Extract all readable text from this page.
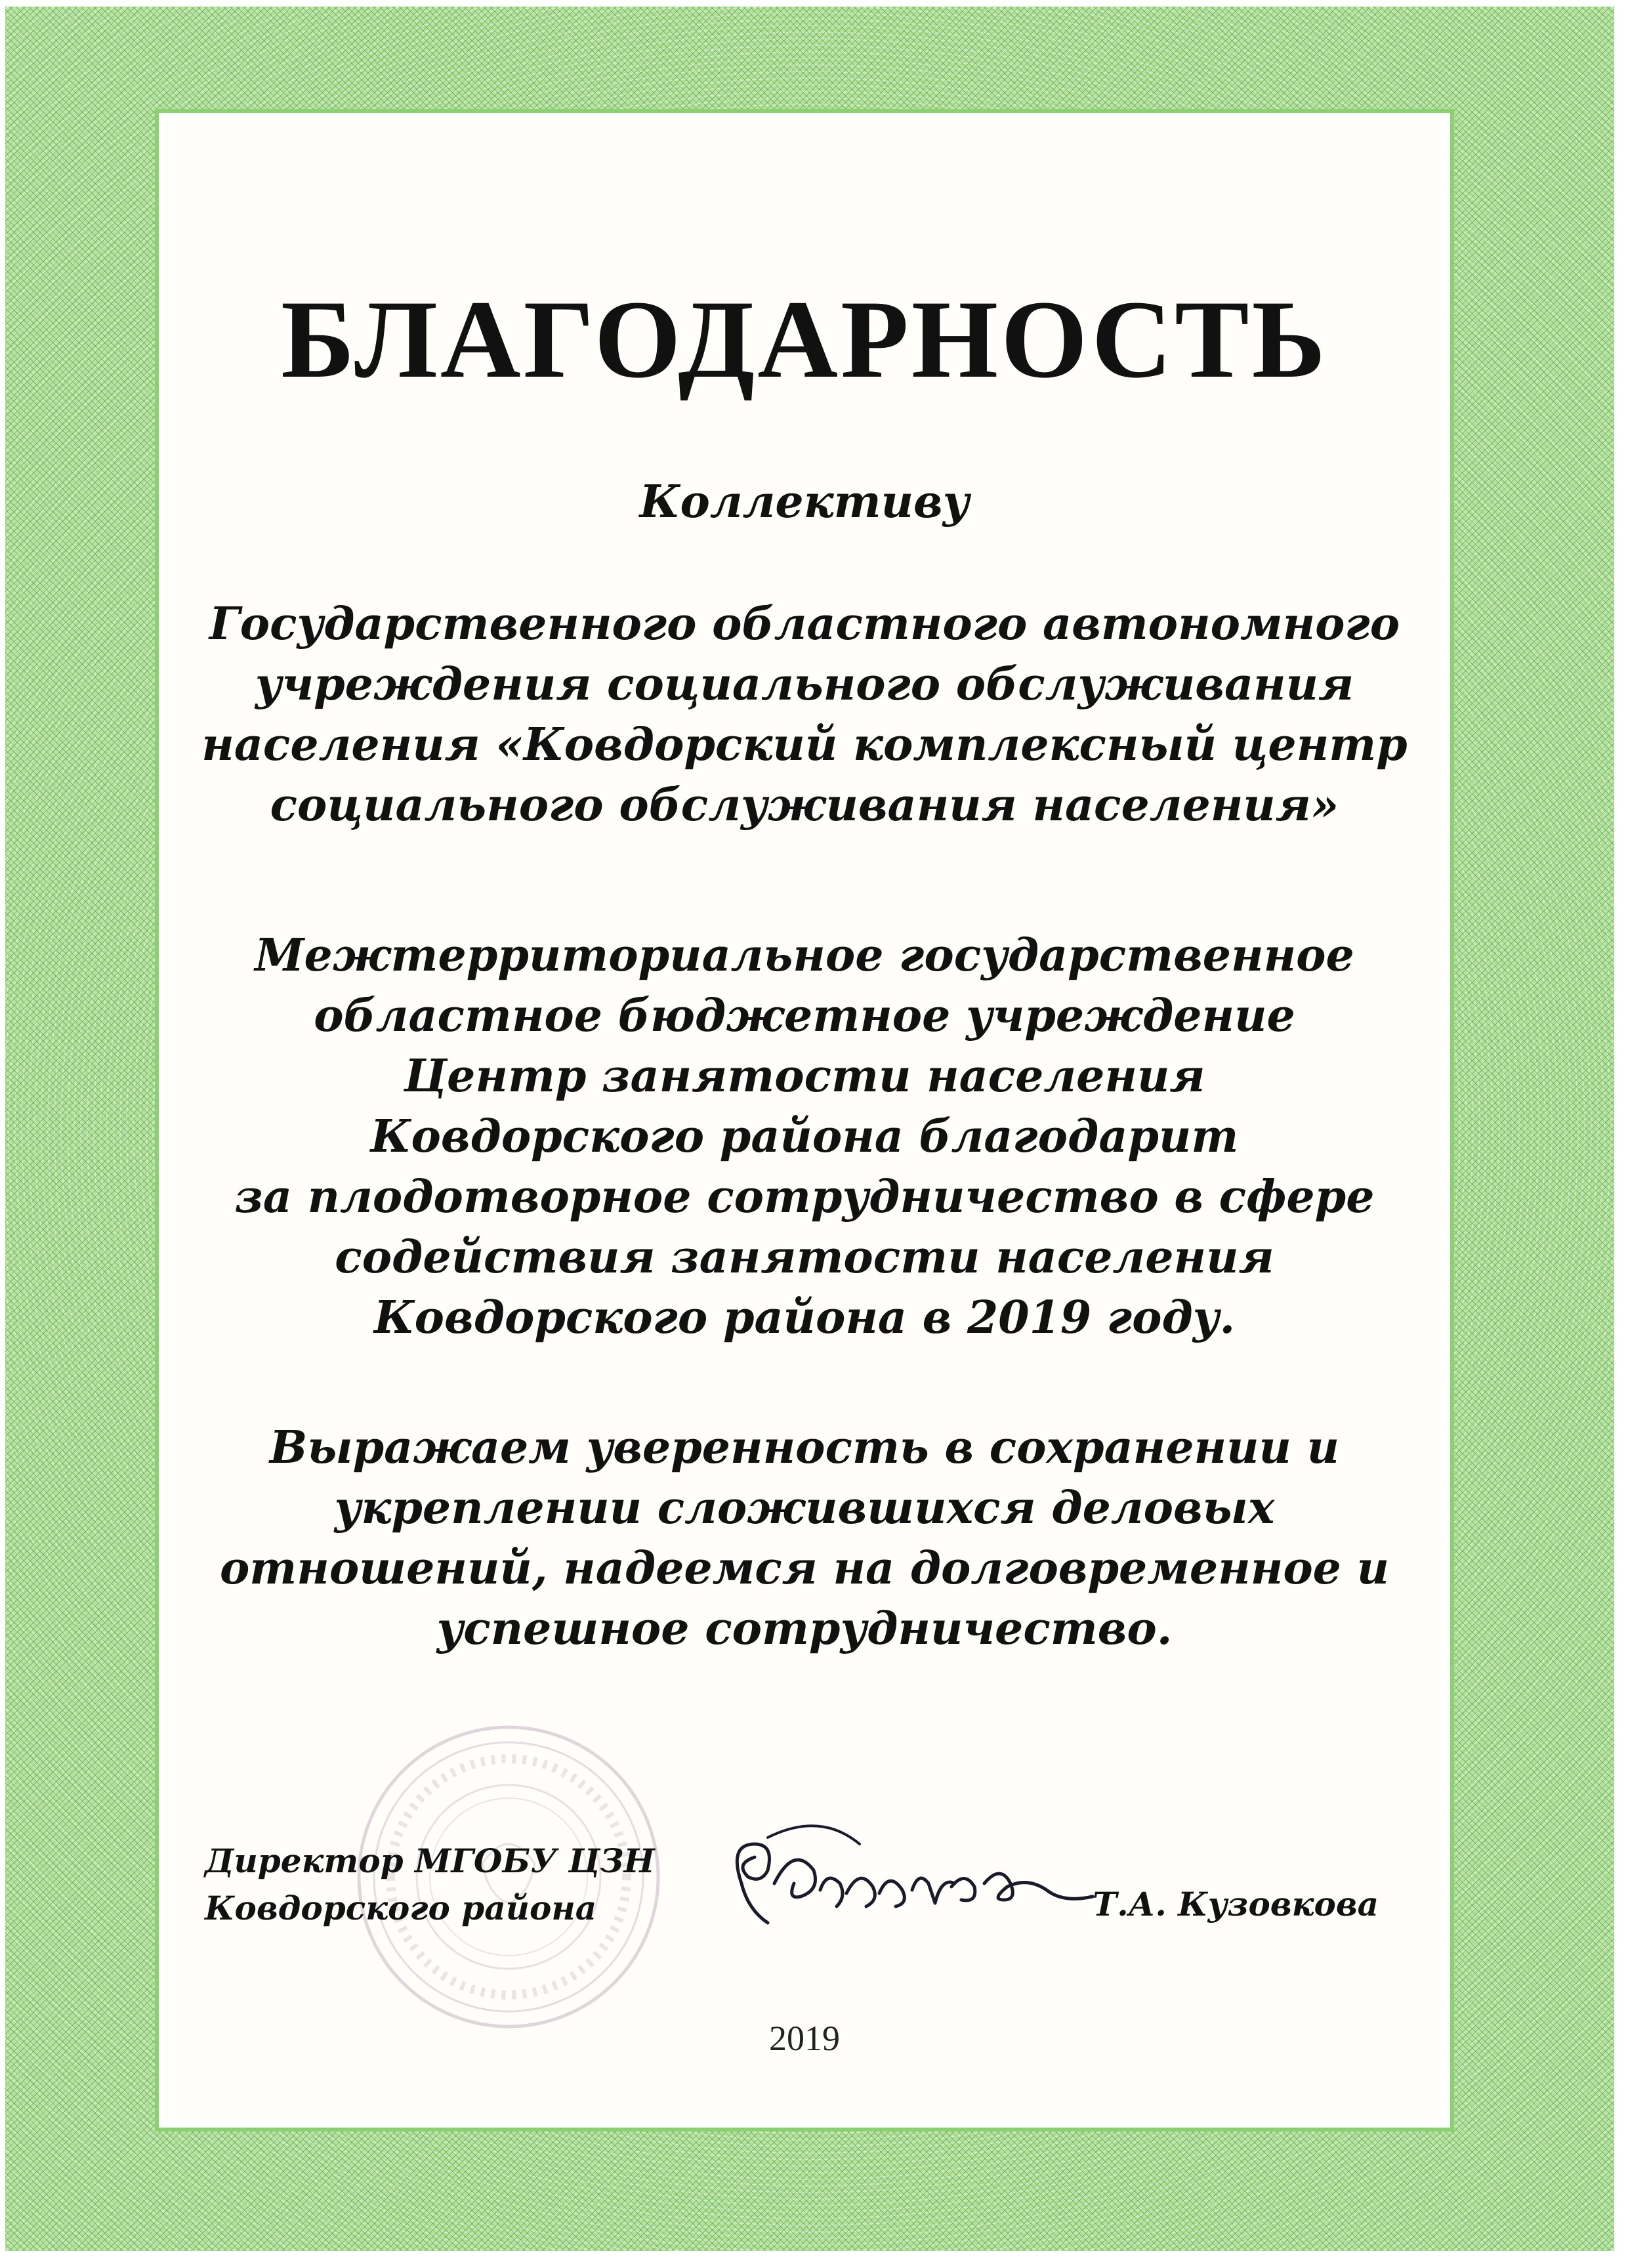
БЛАГОДАРНОСТЬ
Коллективу

Государственного областного автономного

учреждения социального обслуживания

населения «Ковдорский комплексный центр

социального обслуживания населения»

Межтерриториальное государственное

областное бюджетное учреждение

Центр занятости населения

Ковдорского района благодарит

за плодотворное сотрудничество в сфере

содействия занятости населения

Ковдорского района в 2019 году.

Выражаем уверенность в сохранении и

укреплении сложившихся деловых

отношений, надеемся на долговременное и

успешное сотрудничество.

Директор МГОБУ ЦЗН

Ковдорского района	Т.А. Кузовкова
2019
